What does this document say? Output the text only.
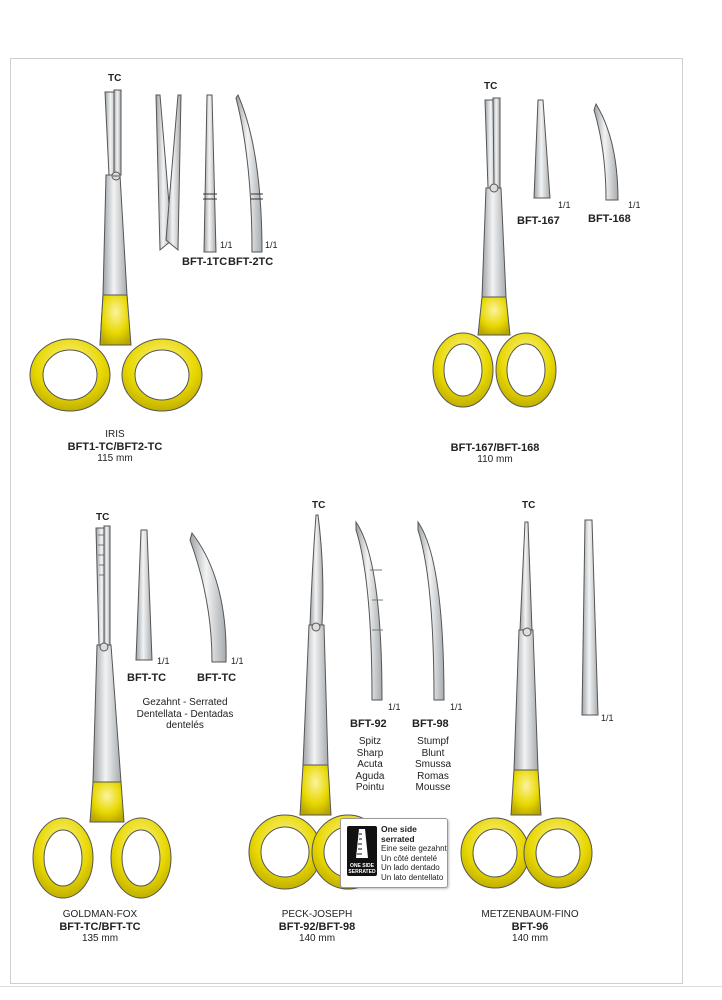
TC
1/1	1/1
BFT-1TC BFT-2TC
IRIS
BFT1-TC/BFT2-TC
115 mm
TC
1/1	1/1
BFT-167	BFT-168
BFT-167/BFT-168
110 mm
TC
1/1	1/1
BFT-TC	BFT-TC
Gezahnt - Serrated
Dentellata - Dentadas
dentelés
GOLDMAN-FOX
BFT-TC/BFT-TC
135 mm
TC
1/1	1/1
BFT-92 BFT-98
Spitz
Sharp
Acuta
Aguda
Pointu
Stumpf
Blunt
Smussa
Romas
Mousse
PECK-JOSEPH
BFT-92/BFT-98
140 mm
TC
1/1
METZENBAUM-FINO
BFT-96
140 mm
ONE SIDE
SERRATED
One side serrated
Eine seite gezahnt
Un côté dentelé
Un lado dentado
Un lato dentellato
